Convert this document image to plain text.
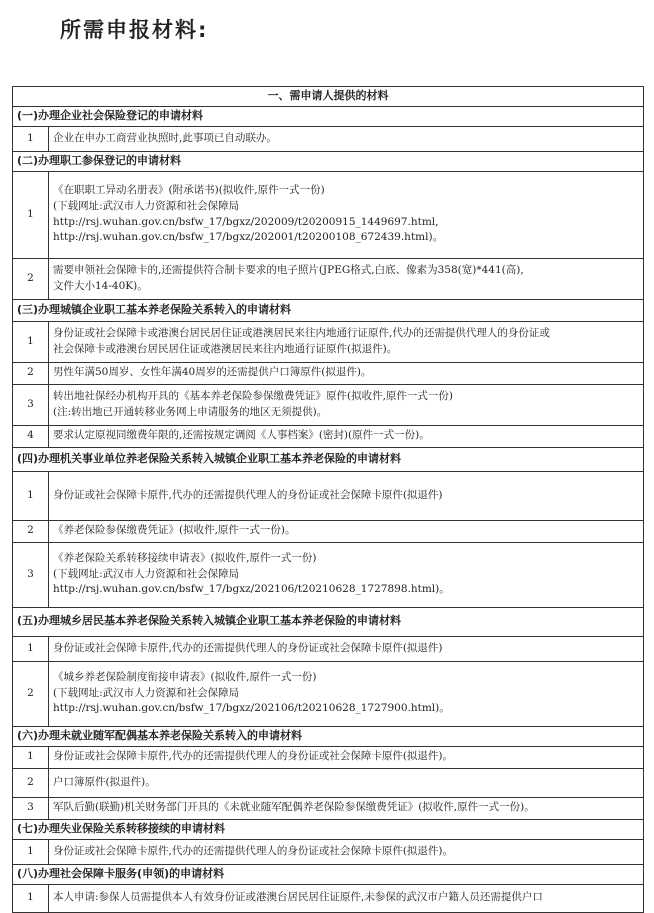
所需申报材料:
一、需申请人提供的材料	
(一)办理企业社会保险登记的申请材料	
1	企业在申办工商营业执照时,此事项已自动联办。

(二)办理职工参保登记的申请材料	
1	《在职职工异动名册表》(附承诺书)(拟收件,原件一式一份)
(下载网址:武汉市人力资源和社会保障局
http://rsj.wuhan.gov.cn/bsfw_17/bgxz/202009/t20200915_1449697.html,
http://rsj.wuhan.gov.cn/bsfw_17/bgxz/202001/t20200108_672439.html)。

2	需要申领社会保障卡的,还需提供符合制卡要求的电子照片(JPEG格式,白底、像素为358(宽)*441(高),
文件大小14-40K)。

(三)办理城镇企业职工基本养老保险关系转入的申请材料	
1	身份证或社会保障卡或港澳台居民居住证或港澳居民来往内地通行证原件,代办的还需提供代理人的身份证或
社会保障卡或港澳台居民居住证或港澳居民来往内地通行证原件(拟退件)。

2	男性年满50周岁、女性年满40周岁的还需提供户口簿原件(拟退件)。

3	转出地社保经办机构开具的《基本养老保险参保缴费凭证》原件(拟收件,原件一式一份)
(注:转出地已开通转移业务网上申请服务的地区无须提供)。

4	要求认定原视同缴费年限的,还需按规定调阅《人事档案》(密封)(原件一式一份)。

(四)办理机关事业单位养老保险关系转入城镇企业职工基本养老保险的申请材料	
1	身份证或社会保障卡原件,代办的还需提供代理人的身份证或社会保障卡原件(拟退件)

2	《养老保险参保缴费凭证》(拟收件,原件一式一份)。

3	《养老保险关系转移接续申请表》(拟收件,原件一式一份)
(下载网址:武汉市人力资源和社会保障局
http://rsj.wuhan.gov.cn/bsfw_17/bgxz/202106/t20210628_1727898.html)。

(五)办理城乡居民基本养老保险关系转入城镇企业职工基本养老保险的申请材料	
1	身份证或社会保障卡原件,代办的还需提供代理人的身份证或社会保障卡原件(拟退件)

2	《城乡养老保险制度衔接申请表》(拟收件,原件一式一份)
(下载网址:武汉市人力资源和社会保障局
http://rsj.wuhan.gov.cn/bsfw_17/bgxz/202106/t20210628_1727900.html)。

(六)办理未就业随军配偶基本养老保险关系转入的申请材料	
1	身份证或社会保障卡原件,代办的还需提供代理人的身份证或社会保障卡原件(拟退件)。

2	户口簿原件(拟退件)。

3	军队后勤(联勤)机关财务部门开具的《未就业随军配偶养老保险参保缴费凭证》(拟收件,原件一式一份)。

(七)办理失业保险关系转移接续的申请材料	
1	身份证或社会保障卡原件,代办的还需提供代理人的身份证或社会保障卡原件(拟退件)。

(八)办理社会保障卡服务(申领)的申请材料	
1	本人申请:参保人员需提供本人有效身份证或港澳台居民居住证原件,未参保的武汉市户籍人员还需提供户口
